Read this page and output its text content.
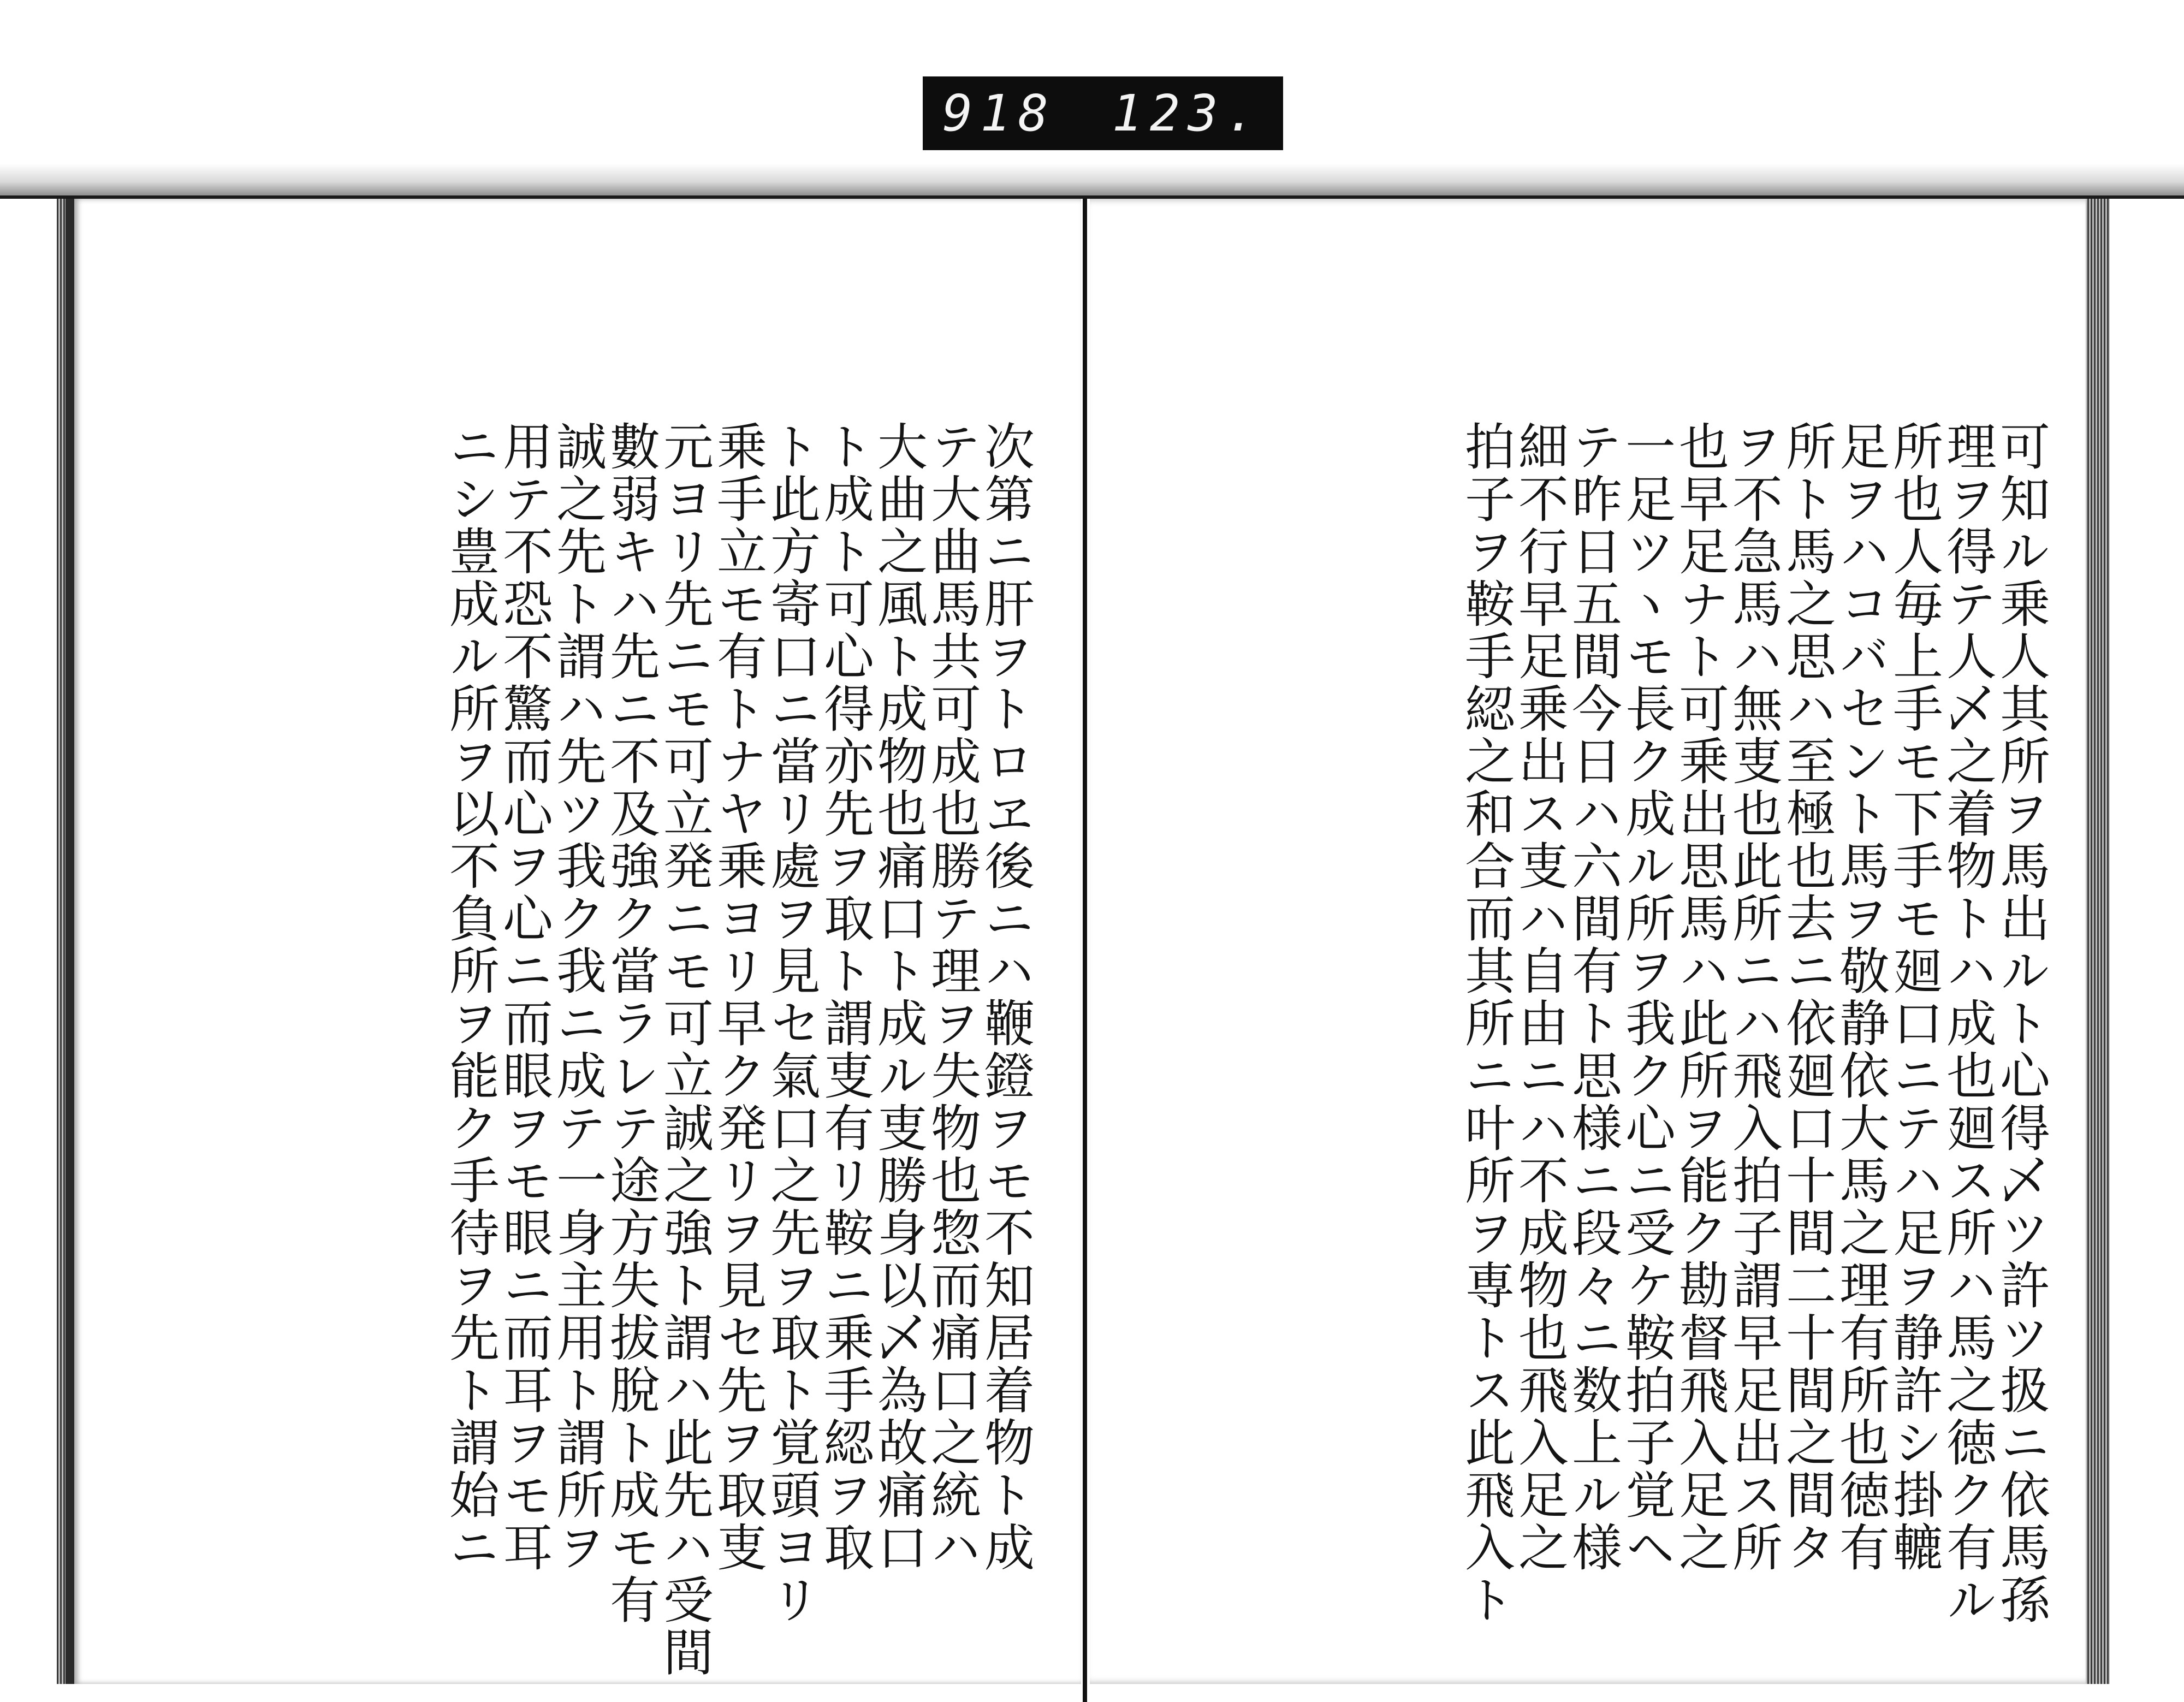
918 123.
可知ル乗人其所ヲ馬出ルト心得乄ツ許ツ扱ニ依馬孫
理ヲ得テ人乄之着物トハ成也廻ス所ハ馬之徳ク有ル
所也人毎上手モ下手モ廻口ニテハ足ヲ静許シ掛轆
足ヲハコバセント馬ヲ敬静依大馬之理有所也徳有
所ト馬之思ハ至極也去ニ依廻口十間二十間之間タ
ヲ不急馬ハ無叓也此所ニハ飛入拍子謂早足出ス所
也早足ナト可乗出思馬ハ此所ヲ能ク勘督飛入足之
一足ツヽモ長ク成ル所ヲ我ク心ニ受ケ鞍拍子覚ヘ
テ昨日五間今日ハ六間有ト思様ニ段々ニ数上ル様
細不行早足乗出ス叓ハ自由ニハ不成物也飛入足之
拍子ヲ鞍手綛之和合而其所ニ叶所ヲ専トス此飛入ト
次第ニ肝ヲトロヱ後ニハ鞭鐙ヲモ不知居着物ト成
テ大曲馬共可成也勝テ理ヲ失物也惣而痛口之統ハ
大曲之風ト成物也痛口ト成ル叓勝身以乄為故痛口
ト成ト可心得亦先ヲ取ト謂叓有リ鞍ニ乗手綛ヲ取
ト此方寄口ニ當リ處ヲ見セ氣口之先ヲ取ト覚頭ヨリ
乗手立モ有トナヤ乗ヨリ早ク発リヲ見セ先ヲ取叓
元ヨリ先ニモ可立発ニモ可立誠之強ト謂ハ此先ハ受間
數弱キハ先ニ不及強ク當ラレテ途方失拔脫ト成モ有
誠之先ト謂ハ先ツ我ク我ニ成テ一身主用ト謂所ヲ
用テ不恐不驚而心ヲ心ニ而眼ヲモ眼ニ而耳ヲモ耳
ニシ豊成ル所ヲ以不負所ヲ能ク手待ヲ先ト謂始ニ
